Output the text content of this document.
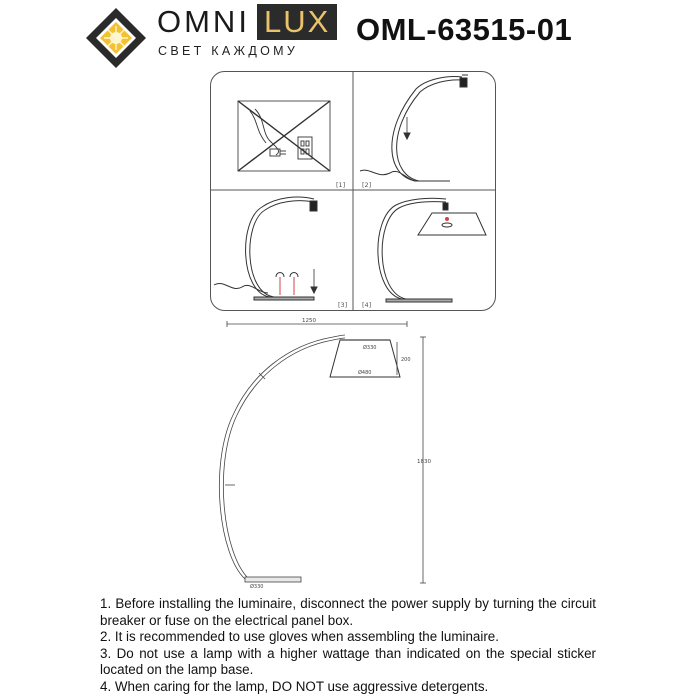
OMNI LUX
СВЕТ КАЖДОМУ
OML-63515-01
[1]	[2]
[3] [4]
1250
Ø330
200
Ø480
1830
Ø330
1. Before installing the luminaire, disconnect the power supply by turning the circuit breaker or fuse on the electrical panel box.
2. It is recommended to use gloves when assembling the luminaire.
3. Do not use a lamp with a higher wattage than indicated on the special sticker located on the lamp base.
4. When caring for the lamp, DO NOT use aggressive detergents.
